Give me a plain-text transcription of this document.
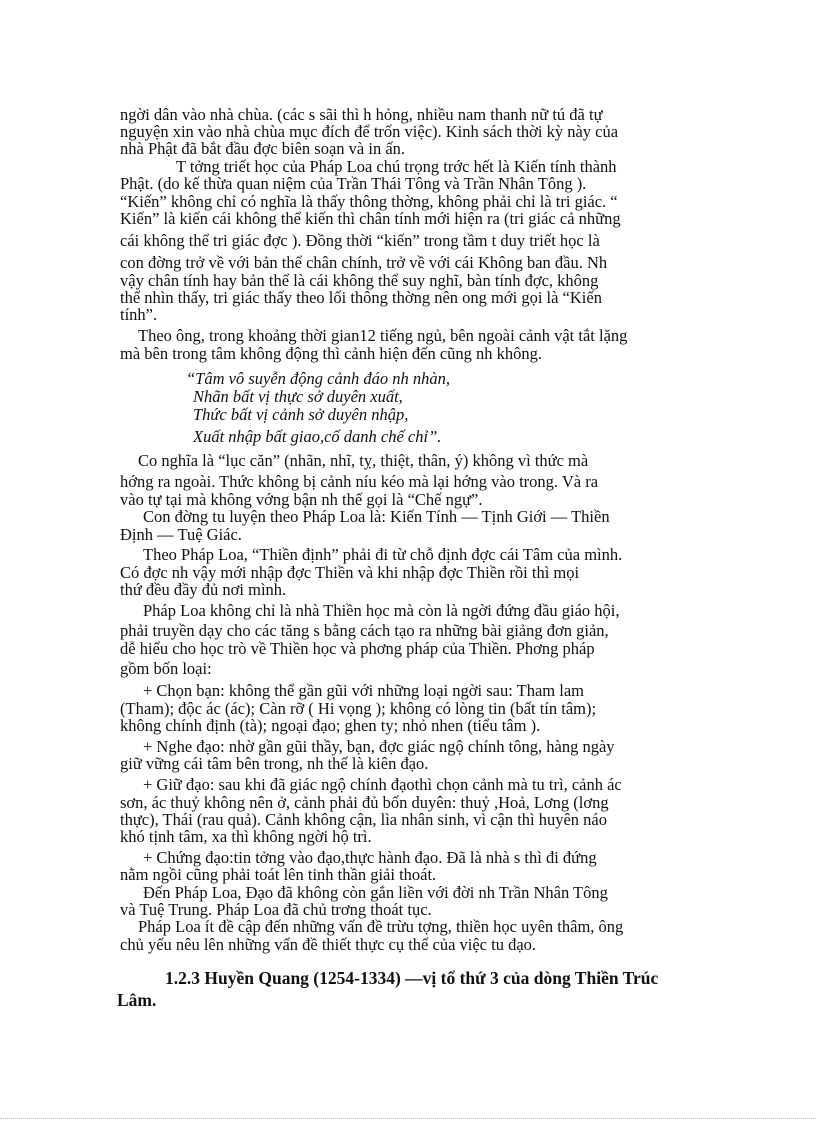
ngời dân vào nhà chùa. (các s sãi thì h hỏng, nhiều nam thanh nữ tú đã tự
nguyện xin vào nhà chùa mục đích để trốn việc). Kinh sách thời kỳ này của
nhà Phật đã bắt đầu đợc biên soạn và in ấn.
T tởng triết học của Pháp Loa chú trọng trớc hết là Kiến tính thành
Phật. (do kế thừa quan niệm của Trần Thái Tông và Trần Nhân Tông ).
“Kiến” không chỉ có nghĩa là thấy thông thờng, không phải chỉ là tri giác. “
Kiến” là kiến cái không thể kiến thì chân tính mới hiện ra (tri giác cả những
cái không thể tri giác đợc ). Đồng thời “kiến” trong tầm t duy triết học là
con đờng trở về với bản thể chân chính, trở về với cái Không ban đầu. Nh
vậy chân tính hay bản thể là cái không thể suy nghĩ, bàn tính đợc, không
thể nhìn thấy, tri giác thấy theo lối thông thờng nên ong mới gọi là “Kiến
tính”.
Theo ông, trong khoảng thời gian12 tiếng ngủ, bên ngoài cảnh vật tắt lặng
mà bên trong tâm không động thì cảnh hiện đến cũng nh không.
“Tâm vô suyễn động cảnh đáo nh nhàn,
Nhãn bất vị thực sở duyên xuất,
Thức bất vị cảnh sở duyên nhập,
Xuất nhập bất giao,cố danh chế chỉ”.
Co nghĩa là “lục căn” (nhãn, nhĩ, tỵ, thiệt, thân, ý) không vì thức mà
hớng ra ngoài. Thức không bị cảnh níu kéo mà lại hớng vào trong. Và ra
vào tự tại mà không vớng bận nh thế gọi là “Chế ngự”.
Con đờng tu luyện theo Pháp Loa là: Kiến Tính — Tịnh Giới — Thiền
Định — Tuệ Giác.
Theo Pháp Loa, “Thiền định” phải đi từ chỗ định đợc cái Tâm của mình.
Có đợc nh vậy mới nhập đợc Thiền và khi nhập đợc Thiền rồi thì mọi
thứ đều đầy đủ nơi mình.
Pháp Loa không chỉ là nhà Thiền học mà còn là ngời đứng đầu giáo hội,
phải truyền dạy cho các tăng s bằng cách tạo ra những bài giảng đơn giản,
dễ hiểu cho học trò về Thiền học và phơng pháp của Thiền. Phơng pháp
gồm bốn loại:
+ Chọn bạn: không thể gần gũi với những loại ngời sau: Tham lam
(Tham); độc ác (ác); Càn rỡ ( Hi vọng ); không có lòng tin (bất tín tâm);
không chính định (tà); ngoại đạo; ghen ty; nhỏ nhen (tiểu tâm ).
+ Nghe đạo: nhờ gần gũi thầy, bạn, đợc giác ngộ chính tông, hàng ngày
giữ vững cái tâm bên trong, nh thế là kiên đạo.
+ Giữ đạo: sau khi đã giác ngộ chính đạothì chọn cảnh mà tu trì, cảnh ác
sơn, ác thuỷ không nên ở, cảnh phải đủ bốn duyên: thuỷ ,Hoả, Lơng (lơng
thực), Thái (rau quả). Cảnh không cận, lìa nhân sinh, vì cận thì huyên náo
khó tịnh tâm, xa thì không ngời hộ trì.
+ Chứng đạo:tin tởng vào đạo,thực hành đạo. Đã là nhà s thì đi đứng
nằm ngồi cũng phải toát lên tinh thần giải thoát.
Đến Pháp Loa, Đạo đã không còn gắn liền với đời nh Trần Nhân Tông
và Tuệ Trung. Pháp Loa đã chủ trơng thoát tục.
Pháp Loa ít đề cập đến những vấn đề trừu tợng, thiền học uyên thâm, ông
chủ yếu nêu lên những vấn đề thiết thực cụ thể của việc tu đạo.
1.2.3 Huyền Quang (1254-1334) —vị tổ thứ 3 của dòng Thiền Trúc
Lâm.
